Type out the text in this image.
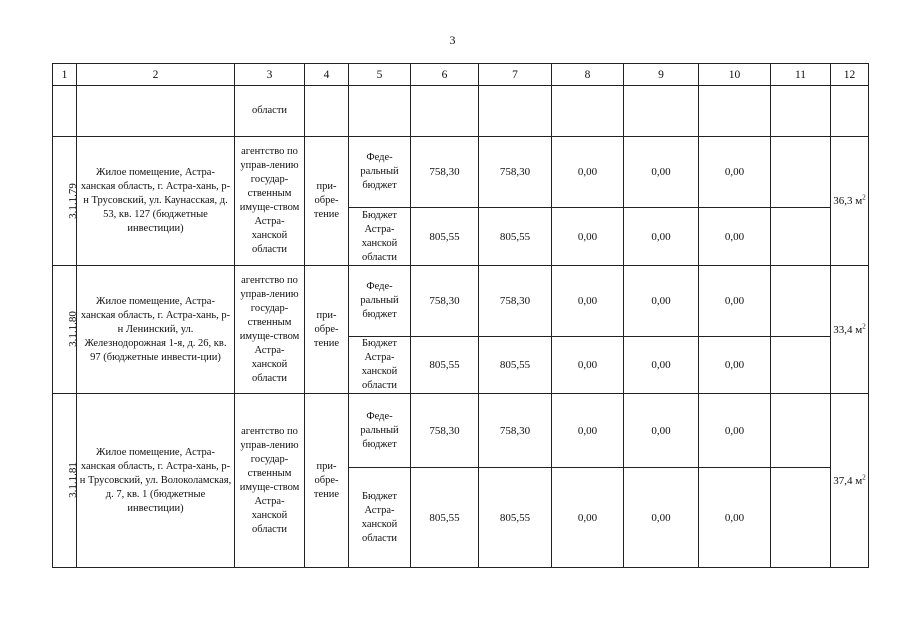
3
1	2	3	4	5	6	7	8	9	10	11	12
		области									
3.1.1.79	Жилое помещение, Астра-ханская область, г. Астра-хань, р-н Трусовский, ул. Каунасская, д. 53, кв. 127 (бюджетные инвестиции)	агентство по управ-лению государ-ственным имуще-ством Астра-ханской области	при-обре-тение	Феде-ральный бюджет	758,30	758,30	0,00	0,00	0,00		36,3 $м^2$
				Бюджет Астра-ханской области	805,55	805,55	0,00	0,00	0,00		
3.1.1.80	Жилое помещение, Астра-ханская область, г. Астра-хань, р-н Ленинский, ул. Железнодорожная 1-я, д. 26, кв. 97 (бюджетные инвести-ции)	агентство по управ-лению государ-ственным имуще-ством Астра-ханской области	при-обре-тение	Феде-ральный бюджет	758,30	758,30	0,00	0,00	0,00		33,4 $м^2$
				Бюджет Астра-ханской области	805,55	805,55	0,00	0,00	0,00		
3.1.1.81	Жилое помещение, Астра-ханская область, г. Астра-хань, р-н Трусовский, ул. Волоколамская, д. 7, кв. 1 (бюджетные инвестиции)	агентство по управ-лению государ-ственным имуще-ством Астра-ханской области	при-обре-тение	Феде-ральный бюджет	758,30	758,30	0,00	0,00	0,00		37,4 $м^2$
				Бюджет Астра-ханской области	805,55	805,55	0,00	0,00	0,00		
